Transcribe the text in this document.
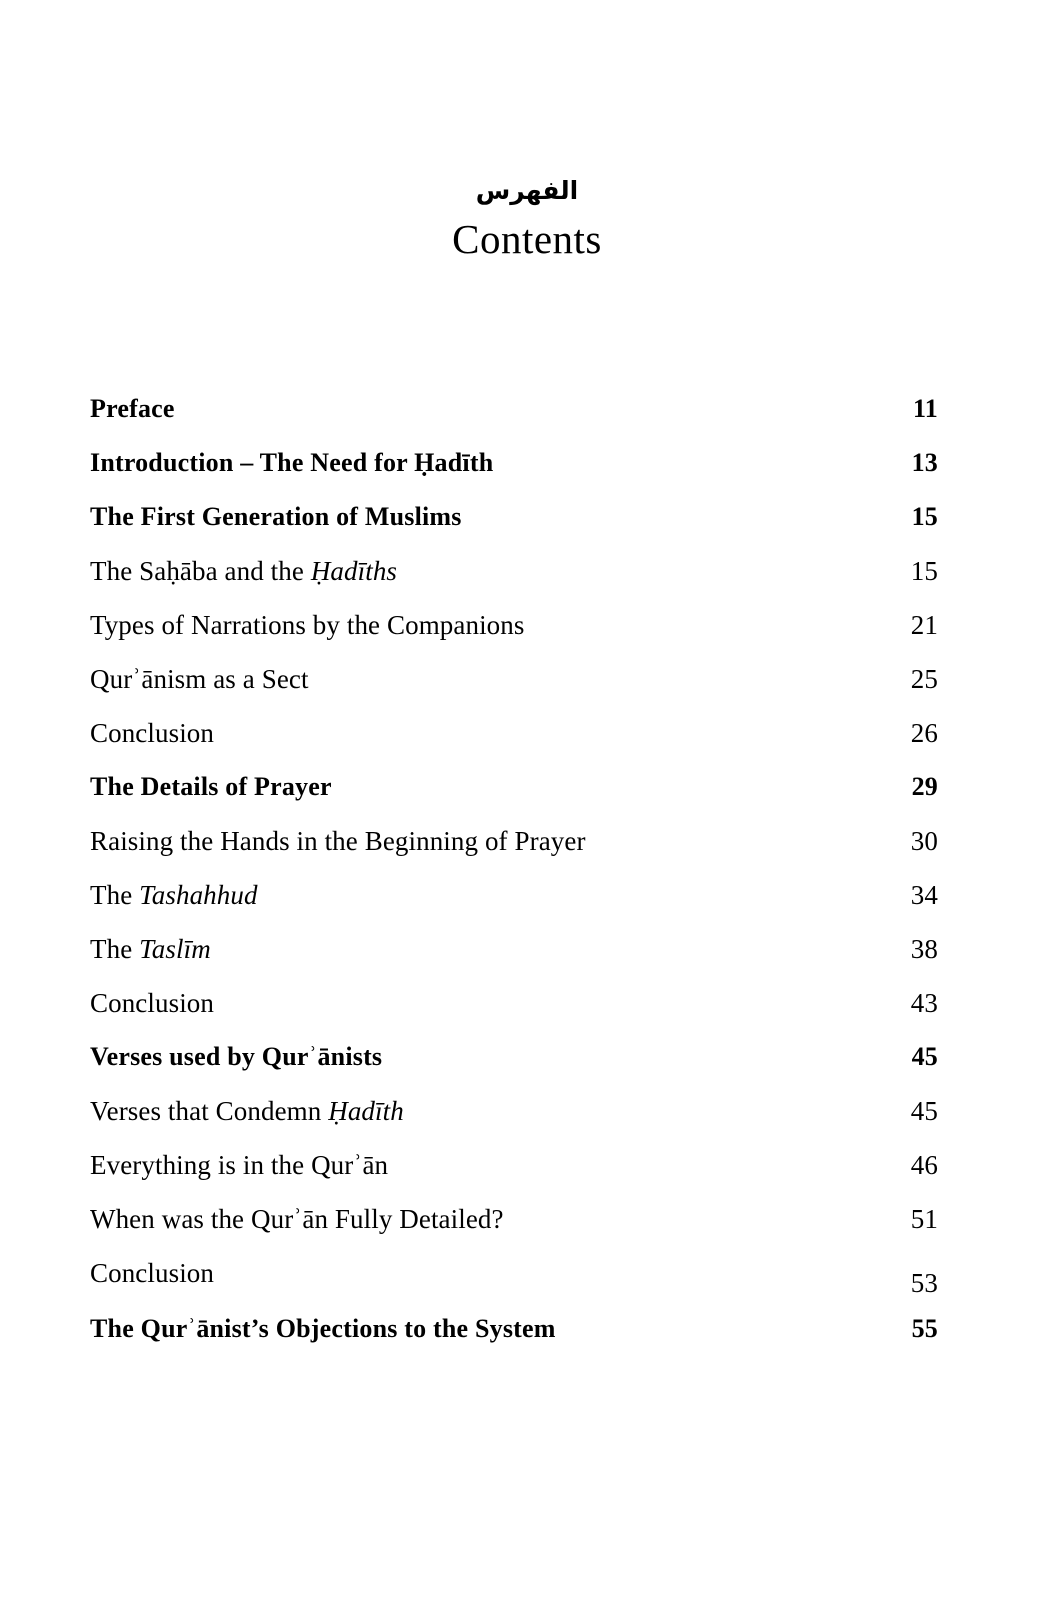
الفهرس
Contents
Preface	11
Introduction – The Need for Ḥadīth	13
The First Generation of Muslims	15
The Saḥāba and the Ḥadīths	15
Types of Narrations by the Companions	21
Qurʾānism as a Sect	25
Conclusion	26
The Details of Prayer	29
Raising the Hands in the Beginning of Prayer	30
The Tashahhud	34
The Taslīm	38
Conclusion	43
Verses used by Qurʾānists	45
Verses that Condemn Ḥadīth	45
Everything is in the Qurʾān	46
When was the Qurʾān Fully Detailed?	51
Conclusion	53
The Qurʾānist’s Objections to the System	55
